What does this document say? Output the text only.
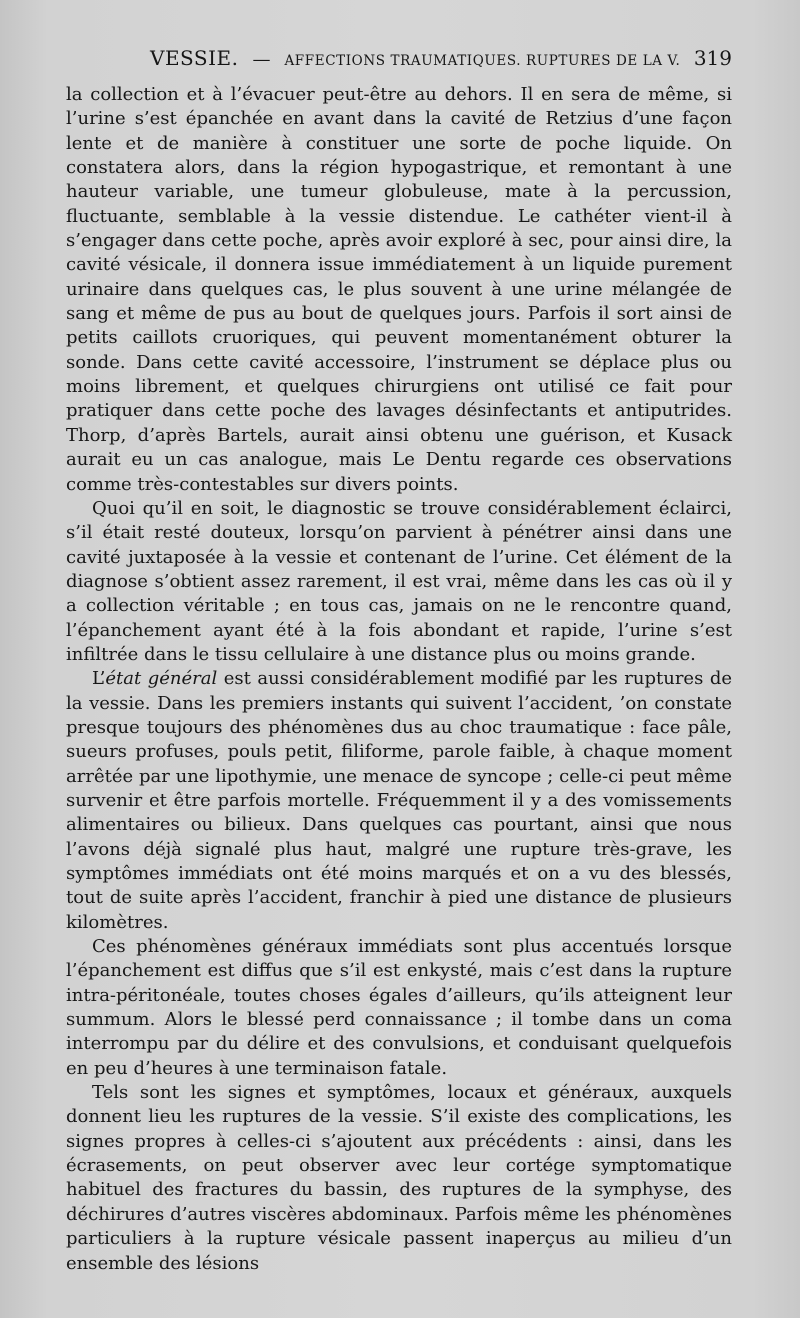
VESSIE. — AFFECTIONS TRAUMATIQUES. RUPTURES DE LA V. 319

la collection et à l’évacuer peut-être au dehors. Il en sera de même, si l’urine s’est épanchée en avant dans la cavité de Retzius d’une façon lente et de manière à constituer une sorte de poche liquide. On constatera alors, dans la région hypogastrique, et remontant à une hauteur variable, une tumeur globuleuse, mate à la percussion, fluctuante, semblable à la vessie distendue. Le cathéter vient-il à s’engager dans cette poche, après avoir exploré à sec, pour ainsi dire, la cavité vésicale, il donnera issue immédiatement à un liquide purement urinaire dans quelques cas, le plus souvent à une urine mélangée de sang et même de pus au bout de quelques jours. Parfois il sort ainsi de petits caillots cruoriques, qui peuvent momentanément obturer la sonde. Dans cette cavité accessoire, l’instrument se déplace plus ou moins librement, et quelques chirurgiens ont utilisé ce fait pour pratiquer dans cette poche des lavages désinfectants et antiputrides. Thorp, d’après Bartels, aurait ainsi obtenu une guérison, et Kusack aurait eu un cas analogue, mais Le Dentu regarde ces observations comme très-contestables sur divers points.

Quoi qu’il en soit, le diagnostic se trouve considérablement éclairci, s’il était resté douteux, lorsqu’on parvient à pénétrer ainsi dans une cavité juxtaposée à la vessie et contenant de l’urine. Cet élément de la diagnose s’obtient assez rarement, il est vrai, même dans les cas où il y a collection véritable ; en tous cas, jamais on ne le rencontre quand, l’épanchement ayant été à la fois abondant et rapide, l’urine s’est infiltrée dans le tissu cellulaire à une distance plus ou moins grande.

L’état général est aussi considérablement modifié par les ruptures de la vessie. Dans les premiers instants qui suivent l’accident, ’on constate presque toujours des phénomènes dus au choc traumatique : face pâle, sueurs profuses, pouls petit, filiforme, parole faible, à chaque moment arrêtée par une lipothymie, une menace de syncope ; celle-ci peut même survenir et être parfois mortelle. Fréquemment il y a des vomissements alimentaires ou bilieux. Dans quelques cas pourtant, ainsi que nous l’avons déjà signalé plus haut, malgré une rupture très-grave, les symptômes immédiats ont été moins marqués et on a vu des blessés, tout de suite après l’accident, franchir à pied une distance de plusieurs kilomètres.

Ces phénomènes généraux immédiats sont plus accentués lorsque l’épanchement est diffus que s’il est enkysté, mais c’est dans la rupture intra-péritonéale, toutes choses égales d’ailleurs, qu’ils atteignent leur summum. Alors le blessé perd connaissance ; il tombe dans un coma interrompu par du délire et des convulsions, et conduisant quelquefois en peu d’heures à une terminaison fatale.

Tels sont les signes et symptômes, locaux et généraux, auxquels donnent lieu les ruptures de la vessie. S’il existe des complications, les signes propres à celles-ci s’ajoutent aux précédents : ainsi, dans les écrasements, on peut observer avec leur cortége symptomatique habituel des fractures du bassin, des ruptures de la symphyse, des déchirures d’autres viscères abdominaux. Parfois même les phénomènes particuliers à la rupture vésicale passent inaperçus au milieu d’un ensemble des lésions
